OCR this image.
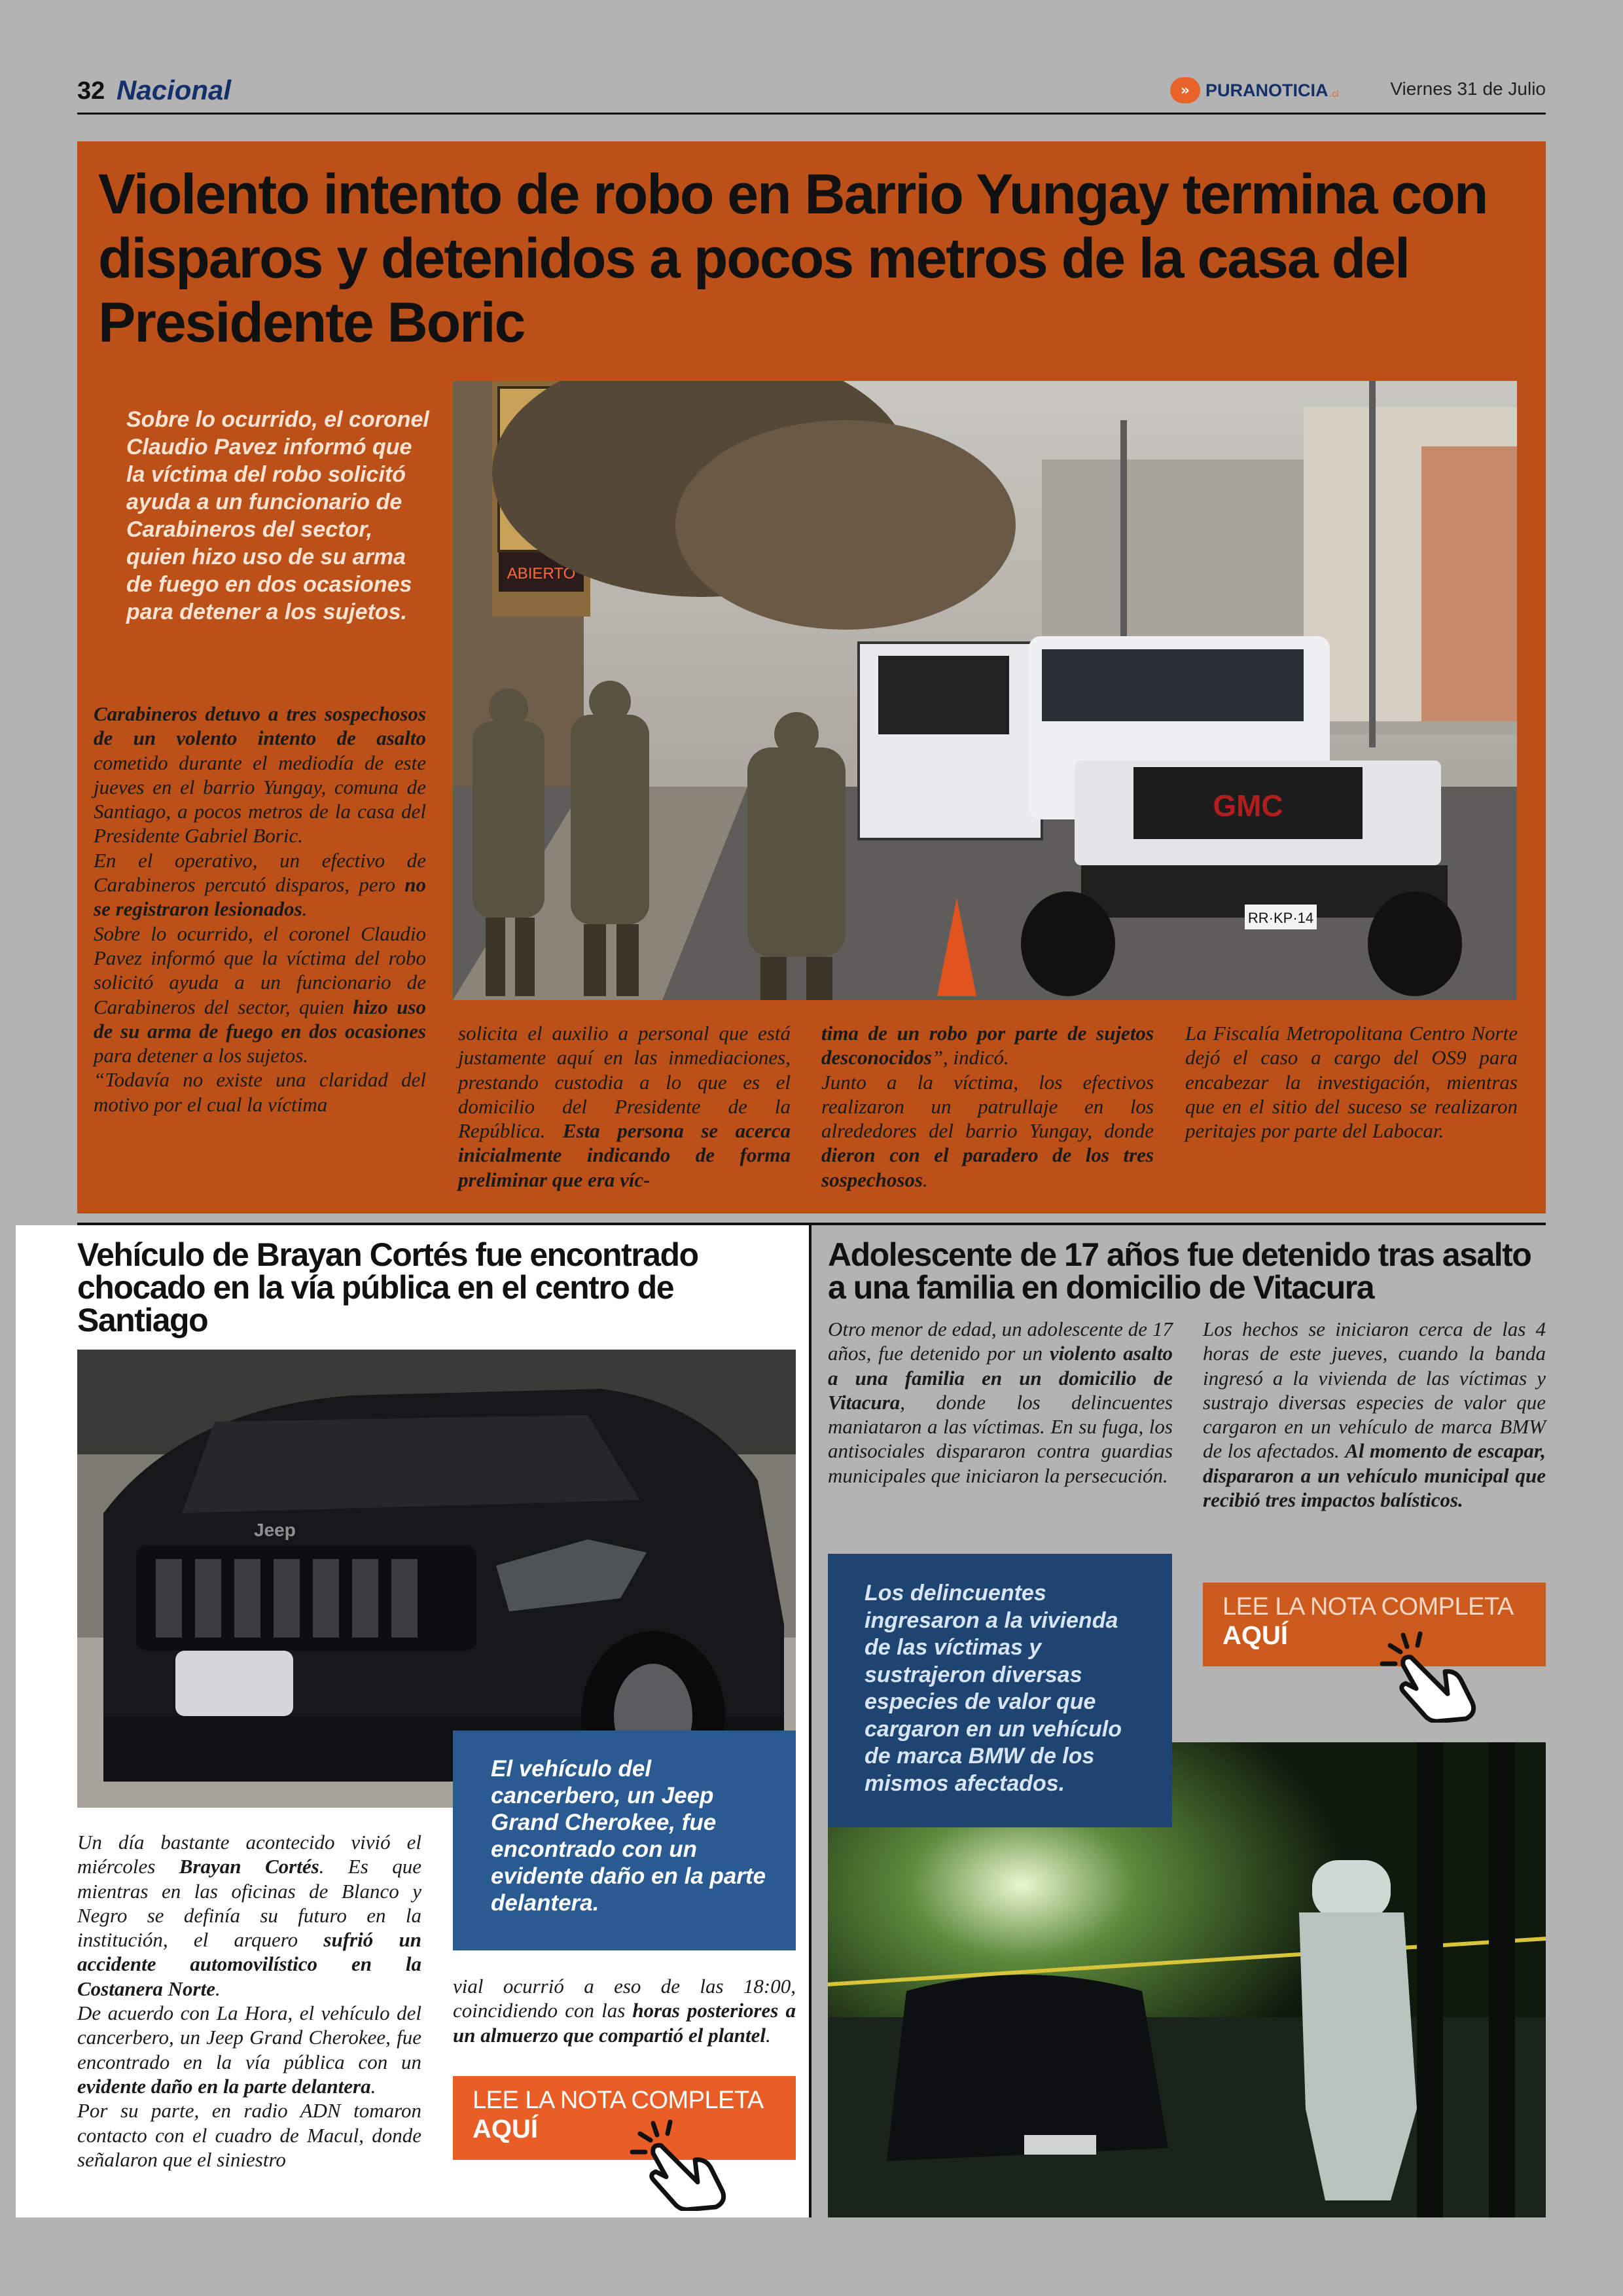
32 Nacional	» PURANOTICIA .cl	Viernes 31 de Julio
Violento intento de robo en Barrio Yungay termina con disparos y detenidos a pocos metros de la casa del Presidente Boric

Sobre lo ocurrido, el coronel Claudio Pavez informó que la víctima del robo solicitó ayuda a un funcionario de Carabineros del sector, quien hizo uso de su arma de fuego en dos ocasiones para detener a los sujetos.

ABIERTO
GMC
RR·KP·14
Carabineros detuvo a tres sospechosos de un volento intento de asalto cometido durante el mediodía de este jueves en el barrio Yungay, comuna de Santiago, a pocos metros de la casa del Presidente Gabriel Boric.
En el operativo, un efectivo de Carabineros percutó disparos, pero no se registraron lesionados.
Sobre lo ocurrido, el coronel Claudio Pavez informó que la víctima del robo solicitó ayuda a un funcionario de Carabineros del sector, quien hizo uso de su arma de fuego en dos ocasiones para detener a los sujetos.
“Todavía no existe una claridad del motivo por el cual la víctima
solicita el auxilio a personal que está justamente aquí en las inmediaciones, prestando custodia a lo que es el domicilio del Presidente de la República. Esta persona se acerca inicialmente indicando de forma preliminar que era víc-
tima de un robo por parte de sujetos desconocidos”, indicó.
Junto a la víctima, los efectivos realizaron un patrullaje en los alrededores del barrio Yungay, donde dieron con el paradero de los tres sospechosos.
La Fiscalía Metropolitana Centro Norte dejó el caso a cargo del OS9 para encabezar la investigación, mientras que en el sitio del suceso se realizaron peritajes por parte del Labocar.
Vehículo de Brayan Cortés fue encontrado chocado en la vía pública en el centro de Santiago
Jeep
El vehículo del cancerbero, un Jeep Grand Cherokee, fue encontrado con un evidente daño en la parte delantera.
Un día bastante acontecido vivió el miércoles Brayan Cortés. Es que mientras en las oficinas de Blanco y Negro se definía su futuro en la institución, el arquero sufrió un accidente automovilístico en la Costanera Norte.
De acuerdo con La Hora, el vehículo del cancerbero, un Jeep Grand Cherokee, fue encontrado en la vía pública con un evidente daño en la parte delantera.
Por su parte, en radio ADN tomaron contacto con el cuadro de Macul, donde señalaron que el siniestro
vial ocurrió a eso de las 18:00, coincidiendo con las horas posteriores a un almuerzo que compartió el plantel.
LEE LA NOTA COMPLETA
AQUÍ
Adolescente de 17 años fue detenido tras asalto a una familia en domicilio de Vitacura
Otro menor de edad, un adolescente de 17 años, fue detenido por un violento asalto a una familia en un domicilio de Vitacura, donde los delincuentes maniataron a las víctimas. En su fuga, los antisociales dispararon contra guardias municipales que iniciaron la persecución.
Los hechos se iniciaron cerca de las 4 horas de este jueves, cuando la banda ingresó a la vivienda de las víctimas y sustrajo diversas especies de valor que cargaron en un vehículo de marca BMW de los afectados. Al momento de escapar, dispararon a un vehículo municipal que recibió tres impactos balísticos.
Los delincuentes ingresaron a la vivienda de las víctimas y sustrajeron diversas especies de valor que cargaron en un vehículo de marca BMW de los mismos afectados.
LEE LA NOTA COMPLETA
AQUÍ
